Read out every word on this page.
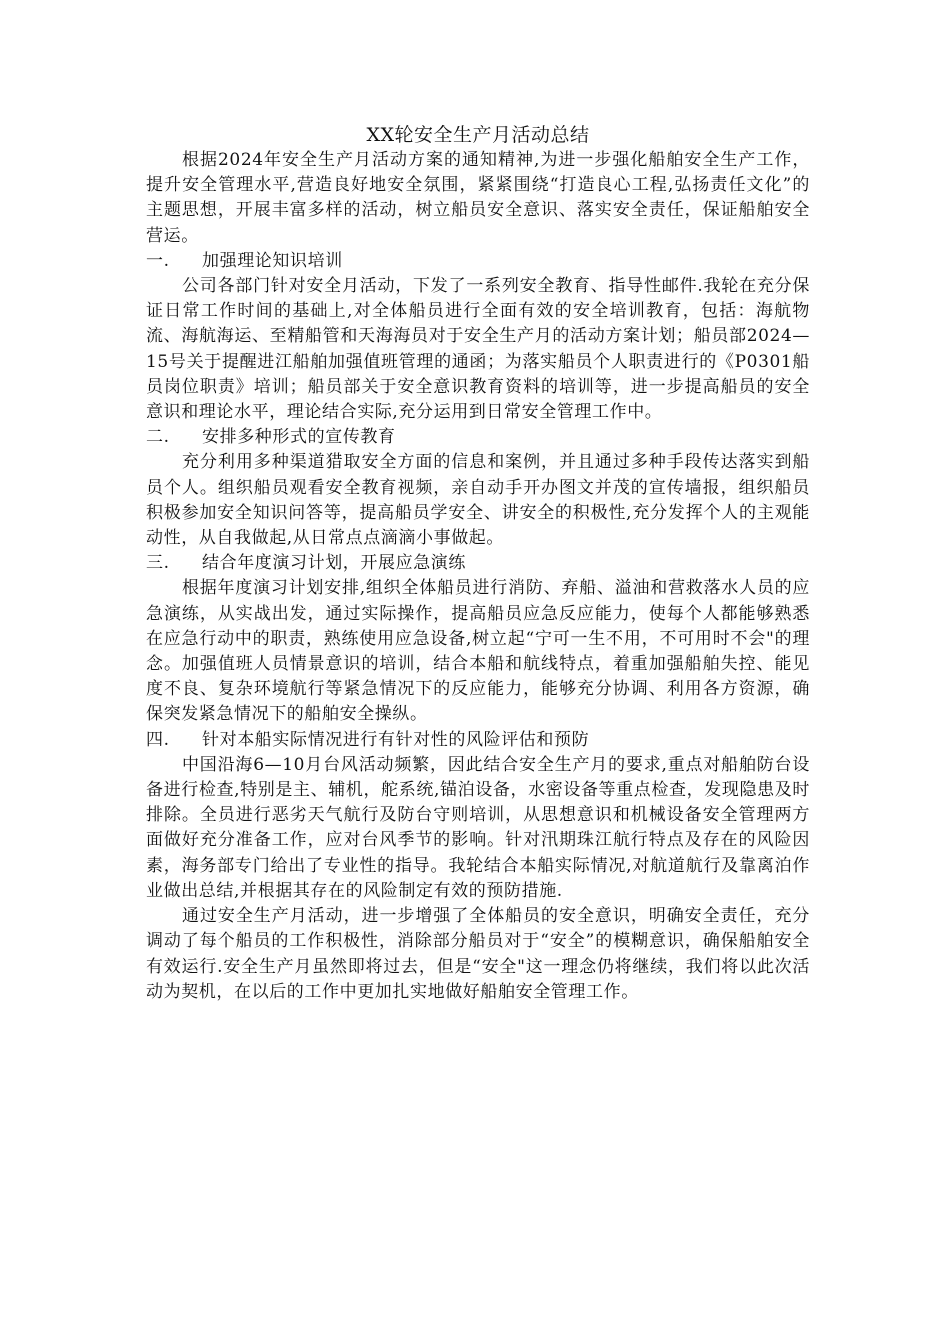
XX轮安全生产月活动总结

根据2024年安全生产月活动方案的通知精神,为进一步强化船舶安全生产工作，提升安全管理水平,营造良好地安全氛围，紧紧围绕“打造良心工程,弘扬责任文化”的主题思想，开展丰富多样的活动，树立船员安全意识、落实安全责任，保证船舶安全营运。

一. 加强理论知识培训

公司各部门针对安全月活动，下发了一系列安全教育、指导性邮件.我轮在充分保证日常工作时间的基础上,对全体船员进行全面有效的安全培训教育，包括：海航物流、海航海运、至精船管和天海海员对于安全生产月的活动方案计划；船员部2024—15号关于提醒进江船舶加强值班管理的通函；为落实船员个人职责进行的《P0301船员岗位职责》培训；船员部关于安全意识教育资料的培训等，进一步提高船员的安全意识和理论水平，理论结合实际,充分运用到日常安全管理工作中。

二. 安排多种形式的宣传教育

充分利用多种渠道猎取安全方面的信息和案例，并且通过多种手段传达落实到船员个人。组织船员观看安全教育视频，亲自动手开办图文并茂的宣传墙报，组织船员积极参加安全知识问答等，提高船员学安全、讲安全的积极性,充分发挥个人的主观能动性，从自我做起,从日常点点滴滴小事做起。

三. 结合年度演习计划，开展应急演练

根据年度演习计划安排,组织全体船员进行消防、弃船、溢油和营救落水人员的应急演练，从实战出发，通过实际操作，提高船员应急反应能力，使每个人都能够熟悉在应急行动中的职责，熟练使用应急设备,树立起“宁可一生不用，不可用时不会"的理念。加强值班人员情景意识的培训，结合本船和航线特点，着重加强船舶失控、能见度不良、复杂环境航行等紧急情况下的反应能力，能够充分协调、利用各方资源，确保突发紧急情况下的船舶安全操纵。

四. 针对本船实际情况进行有针对性的风险评估和预防

中国沿海6—10月台风活动频繁，因此结合安全生产月的要求,重点对船舶防台设备进行检查,特别是主、辅机，舵系统,锚泊设备，水密设备等重点检查，发现隐患及时排除。全员进行恶劣天气航行及防台守则培训，从思想意识和机械设备安全管理两方面做好充分准备工作，应对台风季节的影响。针对汛期珠江航行特点及存在的风险因素，海务部专门给出了专业性的指导。我轮结合本船实际情况,对航道航行及靠离泊作业做出总结,并根据其存在的风险制定有效的预防措施.

通过安全生产月活动，进一步增强了全体船员的安全意识，明确安全责任，充分调动了每个船员的工作积极性，消除部分船员对于“安全”的模糊意识，确保船舶安全有效运行.安全生产月虽然即将过去，但是“安全"这一理念仍将继续，我们将以此次活动为契机，在以后的工作中更加扎实地做好船舶安全管理工作。
